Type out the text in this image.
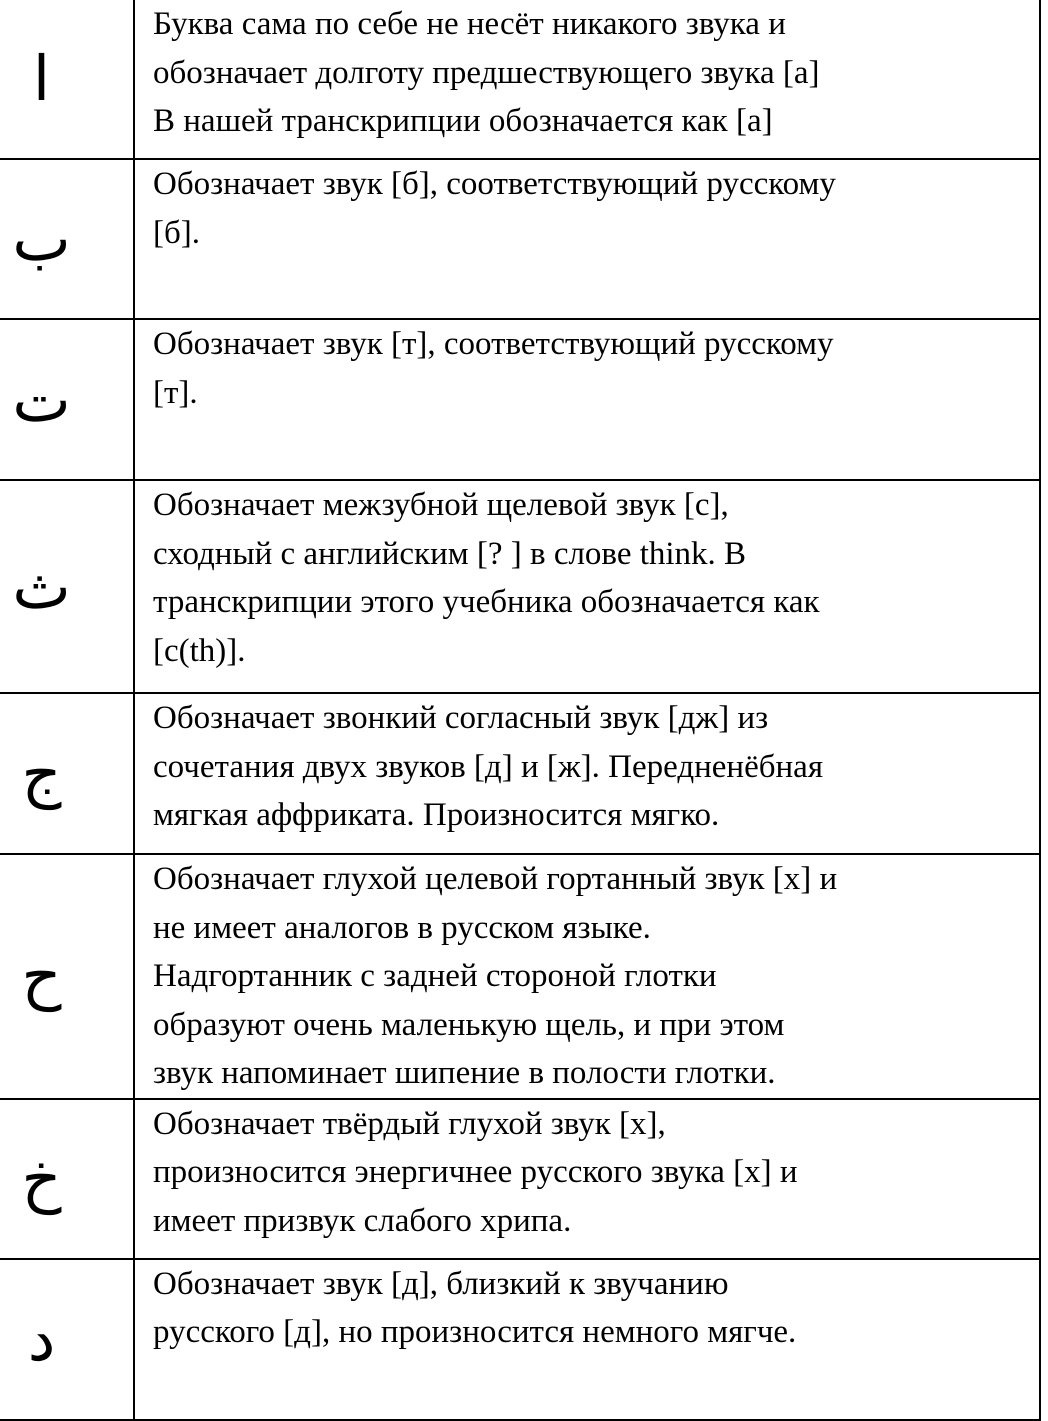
ا	Буква сама по себе не несёт никакого звука и
обозначает долготу предшествующего звука [а]
В нашей транскрипции обозначается как [а]

ب	Обозначает звук [б], соответствующий русскому
[б].

ت	Обозначает звук [т], соответствующий русскому
[т].

ث	Обозначает межзубной щелевой звук [с],
сходный с английским [? ] в слове think. В
транскрипции этого учебника обозначается как
[с(th)].

ج	Обозначает звонкий согласный звук [дж] из
сочетания двух звуков [д] и [ж]. Передненёбная
мягкая аффриката. Произносится мягко.

ح	Обозначает глухой целевой гортанный звук [х] и
не имеет аналогов в русском языке.
Надгортанник с задней стороной глотки
образуют очень маленькую щель, и при этом
звук напоминает шипение в полости глотки.

خ	Обозначает твёрдый глухой звук [х],
произносится энергичнее русского звука [х] и
имеет призвук слабого хрипа.

د	Обозначает звук [д], близкий к звучанию
русского [д], но произносится немного мягче.
